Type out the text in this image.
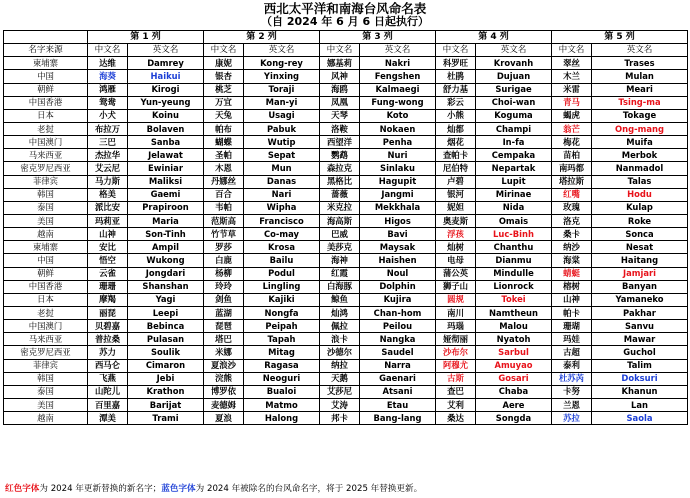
西北太平洋和南海台风命名表
（自 2024 年 6 月 6 日起执行）
	第 1 列		第 2 列		第 3 列		第 4 列		第 5 列	
名字来源	中文名	英文名	中文名	英文名	中文名	英文名	中文名	英文名	中文名	英文名
柬埔寨	达维	Damrey	康妮	Kong-rey	娜基莉	Nakri	科罗旺	Krovanh	翠丝	Trases
中国	海葵	Haikui	银杏	Yinxing	风神	Fengshen	杜鹃	Dujuan	木兰	Mulan
朝鲜	鸿雁	Kirogi	桃芝	Toraji	海鸥	Kalmaegi	舒力基	Surigae	米雷	Meari
中国香港	鸳鸯	Yun-yeung	万宜	Man-yi	凤凰	Fung-wong	彩云	Choi-wan	青马	Tsing-ma
日本	小犬	Koinu	天兔	Usagi	天琴	Koto	小熊	Koguma	蝎虎	Tokage
老挝	布拉万	Bolaven	帕布	Pabuk	洛鞍	Nokaen	灿都	Champi	翁芒	Ong-mang
中国澳门	三巴	Sanba	蝴蝶	Wutip	西望洋	Penha	烟花	In-fa	梅花	Muifa
马来西亚	杰拉华	Jelawat	圣帕	Sepat	鹦鹉	Nuri	查帕卡	Cempaka	苗柏	Merbok
密克罗尼西亚	艾云尼	Ewiniar	木恩	Mun	森拉克	Sinlaku	尼伯特	Nepartak	南玛都	Nanmadol
菲律宾	马力斯	Maliksi	丹娜丝	Danas	黑格比	Hagupit	卢碧	Lupit	塔拉斯	Talas
韩国	格美	Gaemi	百合	Nari	蔷薇	Jangmi	银河	Mirinae	红嘴	Hodu
泰国	派比安	Prapiroon	韦帕	Wipha	米克拉	Mekkhala	妮妲	Nida	玫瑰	Kulap
美国	玛莉亚	Maria	范斯高	Francisco	海高斯	Higos	奥麦斯	Omais	洛克	Roke
越南	山神	Son-Tinh	竹节草	Co-may	巴威	Bavi	浮孩	Luc-Binh	桑卡	Sonca
柬埔寨	安比	Ampil	罗莎	Krosa	美莎克	Maysak	灿树	Chanthu	纳沙	Nesat
中国	悟空	Wukong	白鹿	Bailu	海神	Haishen	电母	Dianmu	海棠	Haitang
朝鲜	云雀	Jongdari	杨柳	Podul	红霞	Noul	蒲公英	Mindulle	蜻蜓	Jamjari
中国香港	珊珊	Shanshan	玲玲	Lingling	白海豚	Dolphin	狮子山	Lionrock	榕树	Banyan
日本	摩羯	Yagi	剑鱼	Kajiki	鲸鱼	Kujira	圆规	Tokei	山神	Yamaneko
老挝	丽琵	Leepi	蓝湖	Nongfa	灿鸿	Chan-hom	南川	Namtheun	帕卡	Pakhar
中国澳门	贝碧嘉	Bebinca	琵琶	Peipah	佩拉	Peilou	玛瑙	Malou	珊瑚	Sanvu
马来西亚	普拉桑	Pulasan	塔巴	Tapah	浪卡	Nangka	娅彻丽	Nyatoh	玛娃	Mawar
密克罗尼西亚	苏力	Soulik	米娜	Mitag	沙德尔	Saudel	沙布尔	Sarbul	古超	Guchol
菲律宾	西马仑	Cimaron	夏浪沙	Ragasa	纳拉	Narra	阿穆尤	Amuyao	泰利	Talim
韩国	飞燕	Jebi	浣熊	Neoguri	天鹅	Gaenari	古斯	Gosari	杜苏芮	Doksuri
泰国	山陀儿	Krathon	博罗依	Bualoi	艾莎尼	Atsani	查巴	Chaba	卡努	Khanun
美国	百里嘉	Barijat	麦德姆	Matmo	艾涛	Etau	艾利	Aere	兰恩	Lan
越南	潭美	Trami	夏浪	Halong	邦卡	Bang-lang	桑达	Songda	苏拉	Saola
红色字体为 2024 年更新替换的新名字；蓝色字体为 2024 年被除名的台风命名字，将于 2025 年替换更新。
